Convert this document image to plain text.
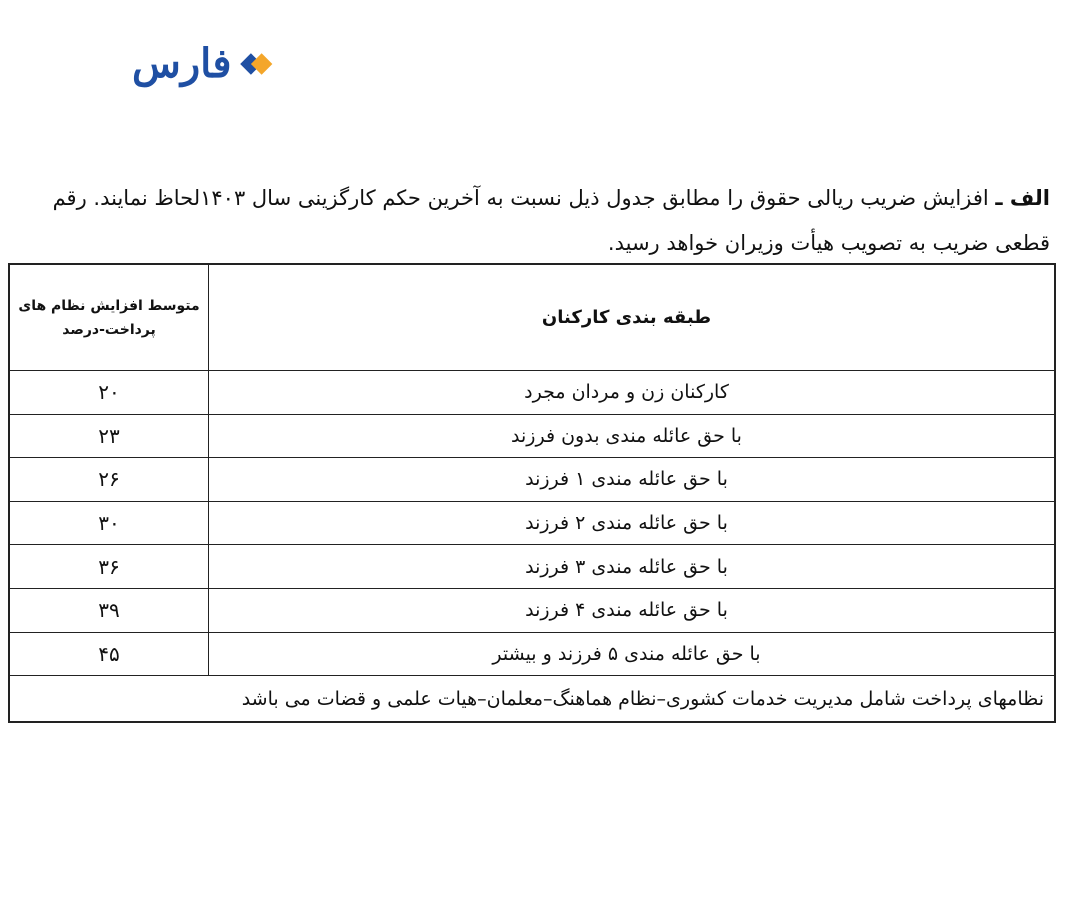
فارس
الف ـ افزایش ضریب ریالی حقوق را مطابق جدول ذیل نسبت به آخرین حکم کارگزینی سال ۱۴۰۳لحاظ نمایند. رقم قطعی ضریب به تصویب هیأت وزیران خواهد رسید.
طبقه بندی کارکنان
متوسط افزایش نظام های
پرداخت-درصد
کارکنان زن و مردان مجرد
۲۰
با حق عائله مندی بدون فرزند
۲۳
با حق عائله مندی ۱ فرزند
۲۶
با حق عائله مندی ۲ فرزند
۳۰
با حق عائله مندی ۳ فرزند
۳۶
با حق عائله مندی ۴ فرزند
۳۹
با حق عائله مندی ۵ فرزند و بیشتر
۴۵
نظامهای پرداخت شامل مدیریت خدمات کشوری–نظام هماهنگ–معلمان–هیات علمی و قضات می باشد
